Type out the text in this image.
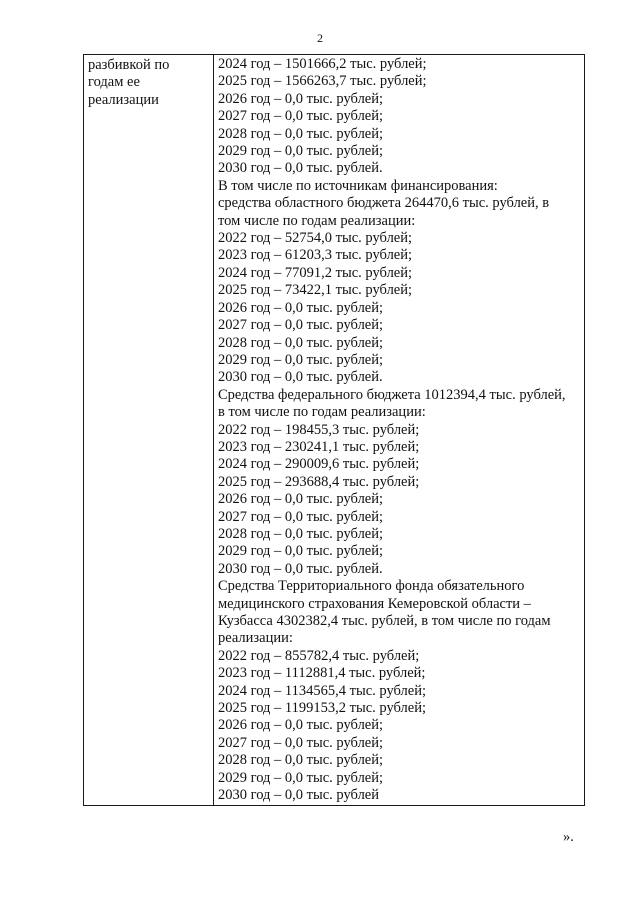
2
разбивкой по
годам ее
реализации

2024 год – 1501666,2 тыс. рублей;
2025 год – 1566263,7 тыс. рублей;
2026 год – 0,0 тыс. рублей;
2027 год – 0,0 тыс. рублей;
2028 год – 0,0 тыс. рублей;
2029 год – 0,0 тыс. рублей;
2030 год – 0,0 тыс. рублей.
В том числе по источникам финансирования:
средства областного бюджета 264470,6 тыс. рублей, в
том числе по годам реализации:
2022 год – 52754,0 тыс. рублей;
2023 год – 61203,3 тыс. рублей;
2024 год – 77091,2 тыс. рублей;
2025 год – 73422,1 тыс. рублей;
2026 год – 0,0 тыс. рублей;
2027 год – 0,0 тыс. рублей;
2028 год – 0,0 тыс. рублей;
2029 год – 0,0 тыс. рублей;
2030 год – 0,0 тыс. рублей.
Средства федерального бюджета 1012394,4 тыс. рублей,
в том числе по годам реализации:
2022 год – 198455,3 тыс. рублей;
2023 год – 230241,1 тыс. рублей;
2024 год – 290009,6 тыс. рублей;
2025 год – 293688,4 тыс. рублей;
2026 год – 0,0 тыс. рублей;
2027 год – 0,0 тыс. рублей;
2028 год – 0,0 тыс. рублей;
2029 год – 0,0 тыс. рублей;
2030 год – 0,0 тыс. рублей.
Средства Территориального фонда обязательного
медицинского страхования Кемеровской области –
Кузбасса 4302382,4 тыс. рублей, в том числе по годам
реализации:
2022 год – 855782,4 тыс. рублей;
2023 год – 1112881,4 тыс. рублей;
2024 год – 1134565,4 тыс. рублей;
2025 год – 1199153,2 тыс. рублей;
2026 год – 0,0 тыс. рублей;
2027 год – 0,0 тыс. рублей;
2028 год – 0,0 тыс. рублей;
2029 год – 0,0 тыс. рублей;
2030 год – 0,0 тыс. рублей
».
